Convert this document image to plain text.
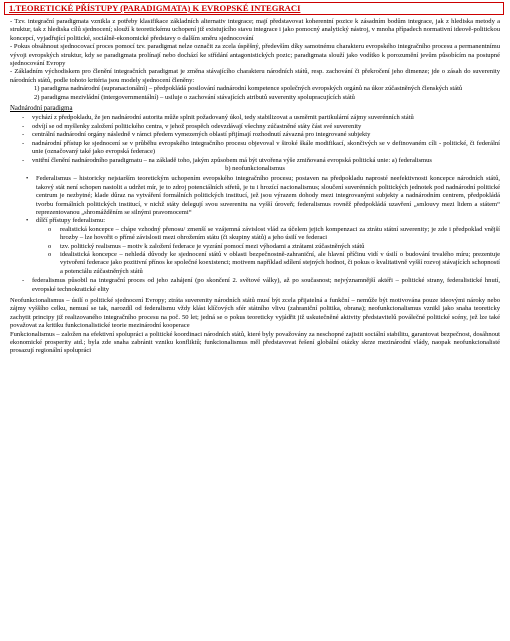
1.TEORETICKÉ PŘÍSTUPY (PARADIGMATA) K EVROPSKÉ INTEGRACI

- Tzv. integrační paradigmata vznikla z potřeby klasifikace základních alternativ integrace; mají představovat koherentní pozice k zásadním bodům integrace, jak z hlediska metody a struktur, tak z hlediska cílů sjednocení; slouží k teoretickému uchopení již existujícího stavu integrace i jako pomocný analytický nástroj, v mnoha případech normativní ideově-politickou koncepcí, vyjadřující politické, sociálně-ekonomické představy o dalším směru sjednocování

- Pokus obsáhnout sjednocovací proces pomocí tzv. paradigmat nelze označit za zcela úspěšný, především díky samotnému charakteru evropského integračního procesu a permanentnímu vývoji evropských struktur, kdy se paradigmata prolínají nebo dochází ke střídání antagonistických pozic; paradigmata slouží jako vodítko k porozumění jevům působícím na postupné sjednocování Evropy

- Základním východiskem pro členění integračních paradigmat je změna stávajícího charakteru národních států, resp. zachování či překročení jeho dimenze; jde o zásah do suverenity národních států, podle tohoto kritéria jsou modely sjednocení členěny:

1) paradigma nadnárodní (supranacionální) – předpokládá posilování nadnárodní kompetence společných evropských orgánů na úkor zúčastněných členských států

2) paradigma mezivládní (intergovernmentální) – usiluje o zachování stávajících atributů suverenity spolupracujících států

Nadnárodní paradigma

- vychází z předpokladu, že jen nadnárodní autorita může splnit požadovaný úkol, tedy stabilizovat a usměrnit partikulární zájmy suverénních států
- odvíjí se od myšlenky založení politického centra, v jehož prospěch odevzdávají všechny zúčastněné státy část své suverenity
- centrální nadnárodní orgány následně v rámci předem vymezených oblastí přijímají rozhodnutí závazná pro integrované subjekty
- nadnárodní přístup ke sjednocení se v průběhu evropského integračního procesu objevoval v široké škále modifikací, skončivých se v definovaném cíli - politické, či federální unie (označovaný také jako evropská federace)
- vnitřní členění nadnárodního paradigmatu – na základě toho, jakým způsobem má být utvořena výše zmiňovaná evropská politická unie: a) federalismus

b) neofunkcionalismus

• Federalismus – historicky nejstarším teoretickým uchopením evropského integračního procesu; postaven na předpokladu naprosté neefektivnosti koncepce národních států, takový stát není schopen nastolit a udržet mír, je to zdroj potenciálních střetů, je tu i hrozící nacionalismus; sloučení suverénních politických jednotek pod nadnárodní politické centrum je nezbytné; klade důraz na vytváření formálních politických institucí, jež jsou výrazem dohody mezi integrovanými subjekty a nadnárodním centrem, předpokládá tvorbu formálních politických institucí, v nichž státy delegují svou suverenitu na vyšší úroveň; federalismus rovněž předpokládá uzavření „smlouvy mezi lidem a státem“ reprezentovanou „shromážděním se silnými pravomocemi“
• dílčí přístupy federalismu:
o realistická koncepce – chápe vzhodný přenosu/ zmenší se vzájemná závislost vlád za účelem jejich kompenzaci za ztrátu státní suverenity; je zde i předpoklad vnější hrozby – lze hovořit o přímé závislosti mezi ohrožením státu (či skupiny států) a jeho úsilí ve federaci
o tzv. politický realismus – motiv k založení federace je vyzrání pomocí mezi výhodami a ztrátami zúčastněných států
o idealistická koncepce – nehledá důvody ke sjednocení států v oblasti bezpečnostně-zahraniční, ale hlavní příčinu vidí v úsilí o budování trvalého míru; prezentuje vytvoření federace jako pozitivní přínos ke společné koexistenci; motivem například sdílení stejných hodnot, či pokus o kvalitativně vyšší rozvoj stávajících schopností a potenciálu zúčastněných států
- federalismus působil na integrační proces od jeho zahájení (po skončení 2. světové války), až po současnost; nejvýznamnější aktéři – politické strany, federalistické hnutí, evropské technokratické elity

Neofunkcionalismus – úsilí o politické sjednocení Evropy; ztráta suverenity národních států musí být zcela přijatelná a funkční – nemůže být motivována pouze ideovými nároky nebo zájmy vyššího celku, nemusí se tak, narozdíl od federalismu vždy klást klíčových sfér státního vlivu (zahraniční politika, obrana); neofunkcionalismus vznikl jako snaha teoreticky zachytit principy již realizovaného integračního procesu na poč. 50 let; jedná se o pokus teoreticky vyjádřit již uskutečněné aktivity představitelů poválečné politické scény, jež lze také považovat za kritiku funkcionalistické teorie mezinárodní kooperace

Funkcionalismus – založen na efektivní spolupráci a politické koordinaci národních států, které byly považovány za neschopné zajistit sociální stabilitu, garantovat bezpečnost, dosáhnout ekonomické prosperity atd.; byla zde snaha zabránit vzniku konfliktů; funkcionalismus měl představovat řešení globální otázky skrze mezinárodní vlády, naopak neofunkcionalisté prosazují regionální spolupráci
